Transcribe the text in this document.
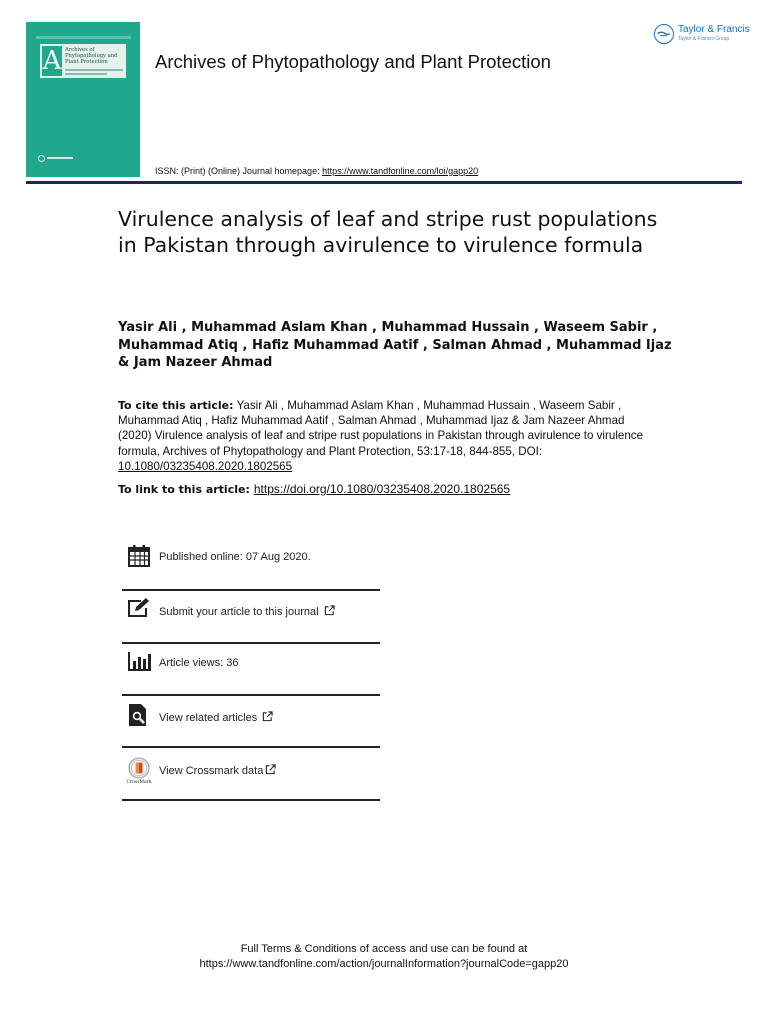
A Archives of
Phytopathology and
Plant Protection	Archives of Phytopathology and Plant Protection
Taylor & Francis
Taylor & Francis Group
ISSN: (Print) (Online) Journal homepage: https://www.tandfonline.com/loi/gapp20
Virulence analysis of leaf and stripe rust populations in Pakistan through avirulence to virulence formula
Yasir Ali , Muhammad Aslam Khan , Muhammad Hussain , Waseem Sabir , Muhammad Atiq , Hafiz Muhammad Aatif , Salman Ahmad , Muhammad Ijaz & Jam Nazeer Ahmad
To cite this article: Yasir Ali , Muhammad Aslam Khan , Muhammad Hussain , Waseem Sabir , Muhammad Atiq , Hafiz Muhammad Aatif , Salman Ahmad , Muhammad Ijaz & Jam Nazeer Ahmad (2020) Virulence analysis of leaf and stripe rust populations in Pakistan through avirulence to virulence formula, Archives of Phytopathology and Plant Protection, 53:17-18, 844-855, DOI:
10.1080/03235408.2020.1802565
To link to this article: https://doi.org/10.1080/03235408.2020.1802565
Published online: 07 Aug 2020.
Submit your article to this journal
Article views: 36
View related articles
CrossMark
View Crossmark data
Full Terms & Conditions of access and use can be found at
https://www.tandfonline.com/action/journalInformation?journalCode=gapp20
